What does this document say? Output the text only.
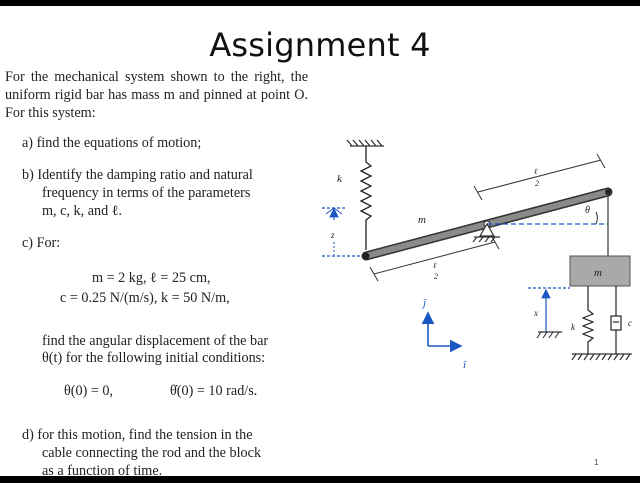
Assignment 4
For the mechanical system shown to the right, the uniform rigid bar has mass m and pinned at point O. For this system:
a) find the equations of motion;
b) Identify the damping ratio and natural
frequency in terms of the parameters
m, c, k, and ℓ.
c) For:
m = 2 kg, ℓ = 25 cm,
c = 0.25 N/(m/s), k = 50 N/m,
find the angular displacement of the bar
θ(t) for the following initial conditions:
θ(0) = 0,	θ̇(0) = 10 rad/s.
d) for this motion, find the tension in the
cable connecting the rod and the block
as a function of time.
1
k
z
m
θ
ℓ
2
ℓ
2	m
k	c
x
ĵ
î
